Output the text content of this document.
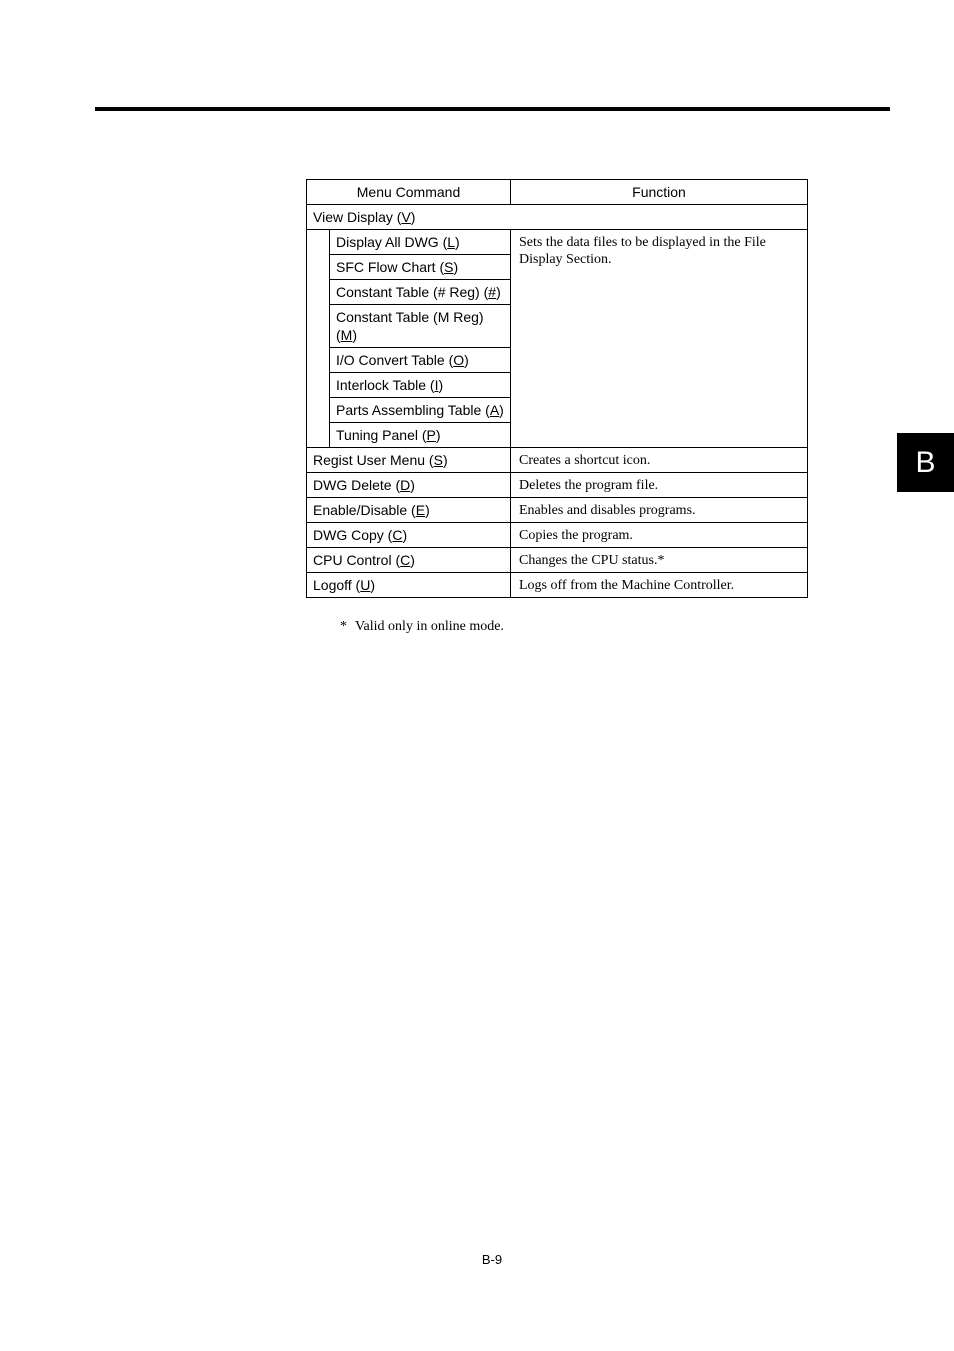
B
Menu Command		Function
View Display (V)		
	Display All DWG (L)	Sets the data files to be displayed in the File Display Section.
	SFC Flow Chart (S)	
	Constant Table (# Reg) (#)	
	Constant Table (M Reg) (M)	
	I/O Convert Table (O)	
	Interlock Table (I)	
	Parts Assembling Table (A)	
	Tuning Panel (P)	
Regist User Menu (S)		Creates a shortcut icon.
DWG Delete (D)		Deletes the program file.
Enable/Disable (E)		Enables and disables programs.
DWG Copy (C)		Copies the program.
CPU Control (C)		Changes the CPU status.*
Logoff (U)		Logs off from the Machine Controller.
* Valid only in online mode.
B-9
